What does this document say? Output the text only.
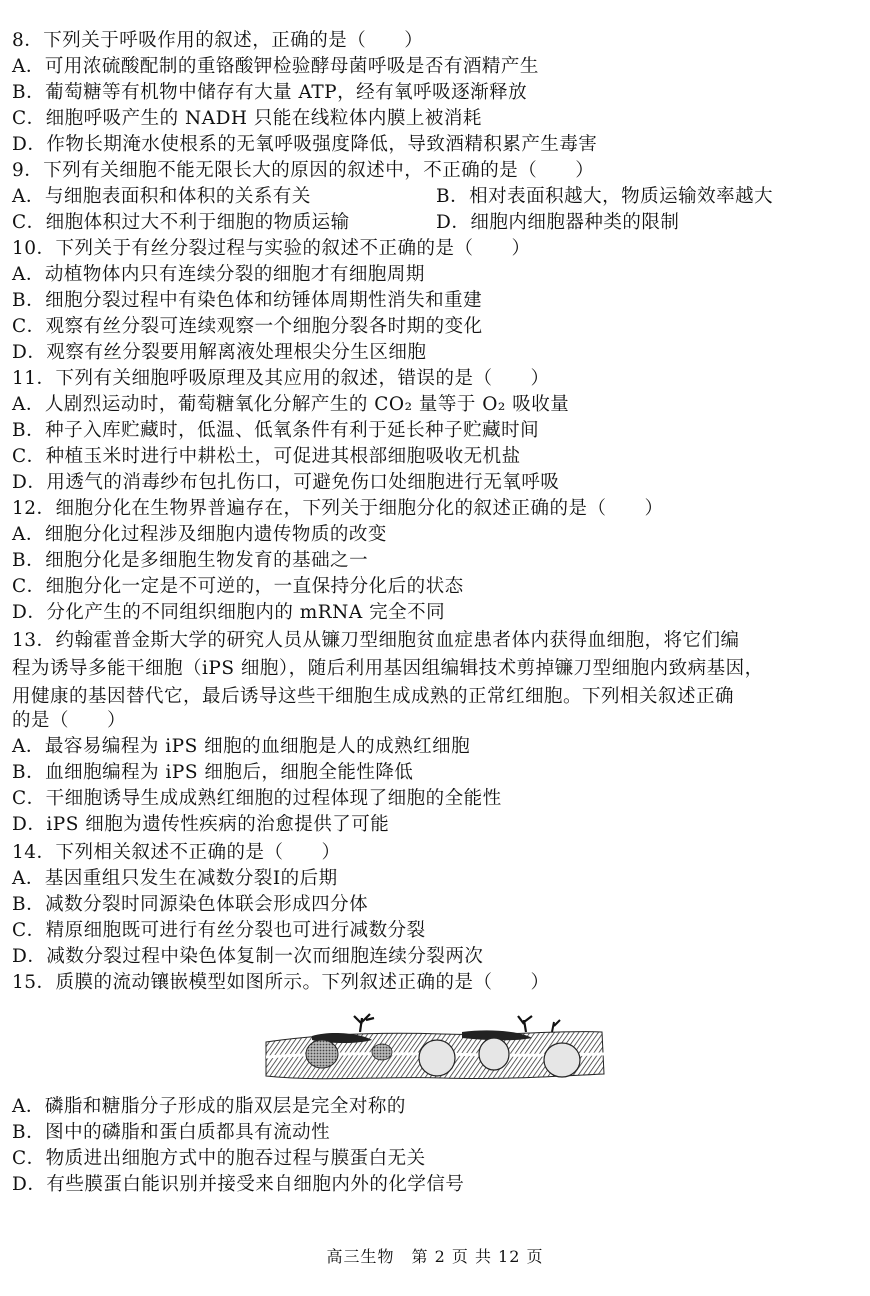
8．下列关于呼吸作用的叙述，正确的是（　　）
A．可用浓硫酸配制的重铬酸钾检验酵母菌呼吸是否有酒精产生
B．葡萄糖等有机物中储存有大量 ATP，经有氧呼吸逐渐释放
C．细胞呼吸产生的 NADH 只能在线粒体内膜上被消耗
D．作物长期淹水使根系的无氧呼吸强度降低，导致酒精积累产生毒害
9．下列有关细胞不能无限长大的原因的叙述中，不正确的是（　　）
A．与细胞表面积和体积的关系有关	B．相对表面积越大，物质运输效率越大
C．细胞体积过大不利于细胞的物质运输	D．细胞内细胞器种类的限制
10．下列关于有丝分裂过程与实验的叙述不正确的是（　　）
A．动植物体内只有连续分裂的细胞才有细胞周期
B．细胞分裂过程中有染色体和纺锤体周期性消失和重建
C．观察有丝分裂可连续观察一个细胞分裂各时期的变化
D．观察有丝分裂要用解离液处理根尖分生区细胞
11．下列有关细胞呼吸原理及其应用的叙述，错误的是（　　）
A．人剧烈运动时，葡萄糖氧化分解产生的 CO₂ 量等于 O₂ 吸收量
B．种子入库贮藏时，低温、低氧条件有利于延长种子贮藏时间
C．种植玉米时进行中耕松土，可促进其根部细胞吸收无机盐
D．用透气的消毒纱布包扎伤口，可避免伤口处细胞进行无氧呼吸
12．细胞分化在生物界普遍存在，下列关于细胞分化的叙述正确的是（　　）
A．细胞分化过程涉及细胞内遗传物质的改变
B．细胞分化是多细胞生物发育的基础之一
C．细胞分化一定是不可逆的，一直保持分化后的状态
D．分化产生的不同组织细胞内的 mRNA 完全不同
13．约翰霍普金斯大学的研究人员从镰刀型细胞贫血症患者体内获得血细胞，将它们编
程为诱导多能干细胞（iPS 细胞），随后利用基因组编辑技术剪掉镰刀型细胞内致病基因，
用健康的基因替代它，最后诱导这些干细胞生成成熟的正常红细胞。下列相关叙述正确
的是（　　）
A．最容易编程为 iPS 细胞的血细胞是人的成熟红细胞
B．血细胞编程为 iPS 细胞后，细胞全能性降低
C．干细胞诱导生成成熟红细胞的过程体现了细胞的全能性
D．iPS 细胞为遗传性疾病的治愈提供了可能
14．下列相关叙述不正确的是（　　）
A．基因重组只发生在减数分裂Ⅰ的后期
B．减数分裂时同源染色体联会形成四分体
C．精原细胞既可进行有丝分裂也可进行减数分裂
D．减数分裂过程中染色体复制一次而细胞连续分裂两次
15．质膜的流动镶嵌模型如图所示。下列叙述正确的是（　　）
A．磷脂和糖脂分子形成的脂双层是完全对称的
B．图中的磷脂和蛋白质都具有流动性
C．物质进出细胞方式中的胞吞过程与膜蛋白无关
D．有些膜蛋白能识别并接受来自细胞内外的化学信号
高三生物　第 2 页 共 12 页
